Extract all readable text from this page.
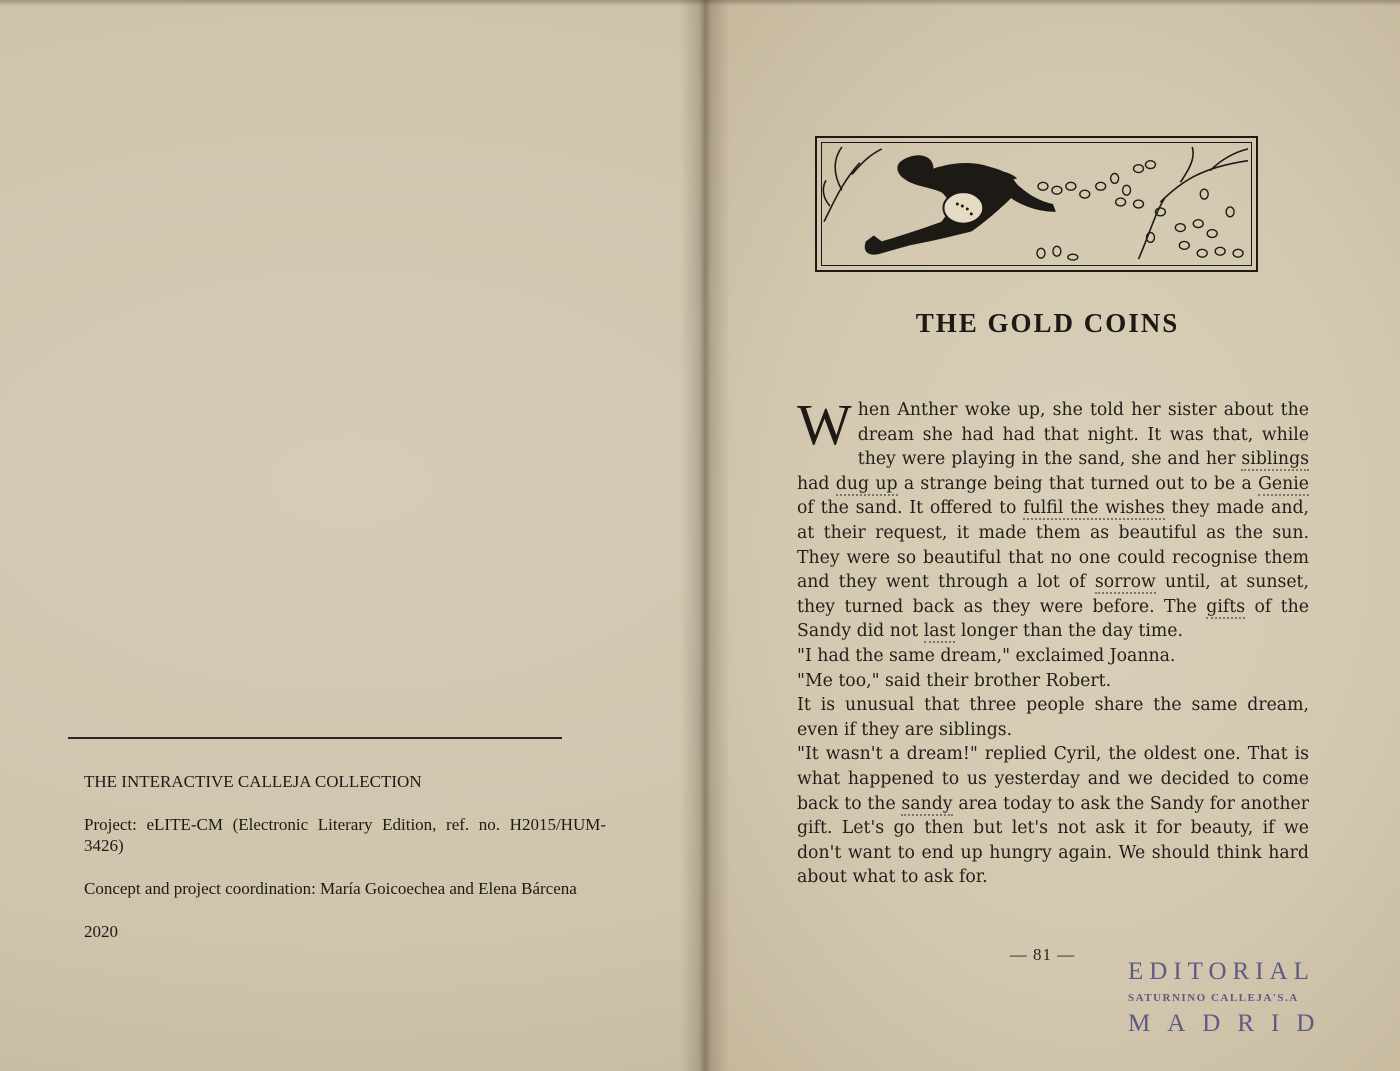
THE INTERACTIVE CALLEJA COLLECTION

Project: eLITE-CM (Electronic Literary Edition, ref. no. H2015/HUM-3426)

Concept and project coordination: María Goicoechea and Elena Bárcena

2020

THE GOLD COINS
W hen Anther woke up, she told her sister about the dream she had had that night. It was that, while they were playing in the sand, she and her siblings had dug up a strange being that turned out to be a Genie of the sand. It offered to fulfil the wishes they made and, at their request, it made them as beautiful as the sun. They were so beautiful that no one could recognise them and they went through a lot of sorrow until, at sunset, they turned back as they were before. The gifts of the Sandy did not last longer than the day time.

"I had the same dream," exclaimed Joanna.

"Me too," said their brother Robert.

It is unusual that three people share the same dream, even if they are siblings.

"It wasn't a dream!" replied Cyril, the oldest one. That is what happened to us yesterday and we decided to come back to the sandy area today to ask the Sandy for another gift. Let's go then but let's not ask it for beauty, if we don't want to end up hungry again. We should think hard about what to ask for.

— 81 —
EDITORIAL
SATURNINO CALLEJA'S.A
MADRID
